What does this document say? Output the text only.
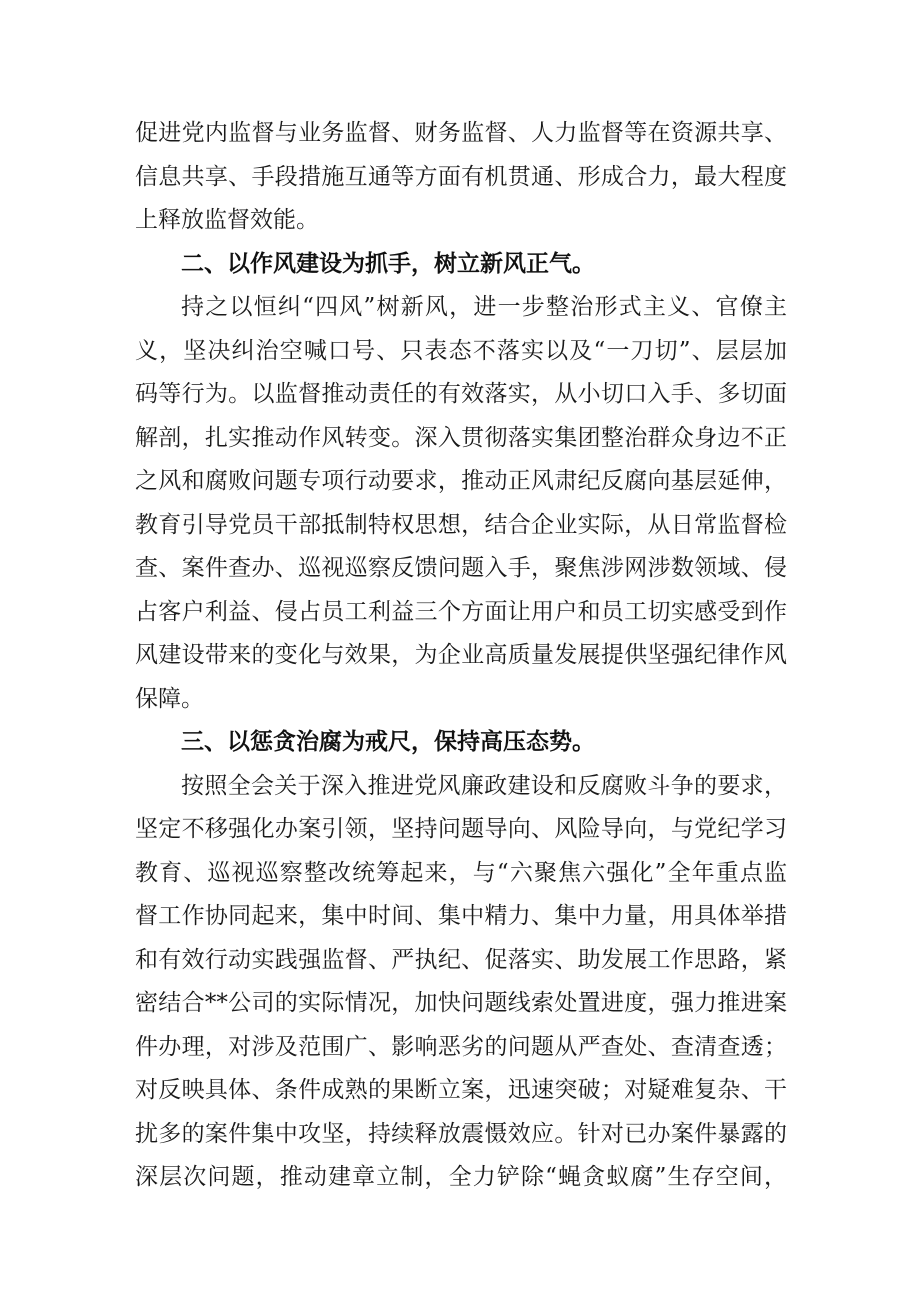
促进党内监督与业务监督、财务监督、人力监督等在资源共享、
信息共享、手段措施互通等方面有机贯通、形成合力，最大程度
上释放监督效能。
二、以作风建设为抓手，树立新风正气。
持之以恒纠“四风”树新风，进一步整治形式主义、官僚主
义，坚决纠治空喊口号、只表态不落实以及“一刀切”、层层加
码等行为。以监督推动责任的有效落实，从小切口入手、多切面
解剖，扎实推动作风转变。深入贯彻落实集团整治群众身边不正
之风和腐败问题专项行动要求，推动正风肃纪反腐向基层延伸，
教育引导党员干部抵制特权思想，结合企业实际，从日常监督检
查、案件查办、巡视巡察反馈问题入手，聚焦涉网涉数领域、侵
占客户利益、侵占员工利益三个方面让用户和员工切实感受到作
风建设带来的变化与效果，为企业高质量发展提供坚强纪律作风
保障。
三、以惩贪治腐为戒尺，保持高压态势。
按照全会关于深入推进党风廉政建设和反腐败斗争的要求，
坚定不移强化办案引领，坚持问题导向、风险导向，与党纪学习
教育、巡视巡察整改统筹起来，与“六聚焦六强化”全年重点监
督工作协同起来，集中时间、集中精力、集中力量，用具体举措
和有效行动实践强监督、严执纪、促落实、助发展工作思路，紧
密结合**公司的实际情况，加快问题线索处置进度，强力推进案
件办理，对涉及范围广、影响恶劣的问题从严查处、查清查透；
对反映具体、条件成熟的果断立案，迅速突破；对疑难复杂、干
扰多的案件集中攻坚，持续释放震慑效应。针对已办案件暴露的
深层次问题，推动建章立制，全力铲除“蝇贪蚁腐”生存空间，
